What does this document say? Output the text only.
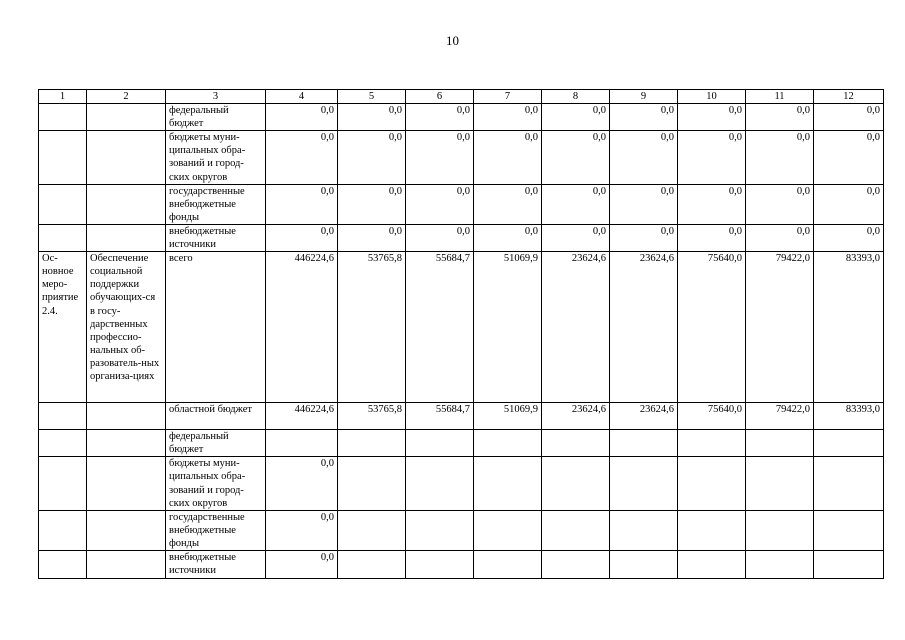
10
1	2	3	4	5	6	7	8	9	10	11	12
		федеральный бюджет	0,0	0,0	0,0	0,0	0,0	0,0	0,0	0,0	0,0
		бюджеты муни-ципальных обра-зований и город-ских округов	0,0	0,0	0,0	0,0	0,0	0,0	0,0	0,0	0,0
		государственные внебюджетные фонды	0,0	0,0	0,0	0,0	0,0	0,0	0,0	0,0	0,0
		внебюджетные источники	0,0	0,0	0,0	0,0	0,0	0,0	0,0	0,0	0,0
Ос-новное меро-приятие 2.4.	Обеспечение социальной поддержки обучающих-ся в госу-дарственных профессио-нальных об-разователь-ных организа-циях	всего	446224,6	53765,8	55684,7	51069,9	23624,6	23624,6	75640,0	79422,0	83393,0
		областной бюджет	446224,6	53765,8	55684,7	51069,9	23624,6	23624,6	75640,0	79422,0	83393,0
		федеральный бюджет									
		бюджеты муни-ципальных обра-зований и город-ских округов	0,0								
		государственные внебюджетные фонды	0,0								
		внебюджетные источники	0,0								
